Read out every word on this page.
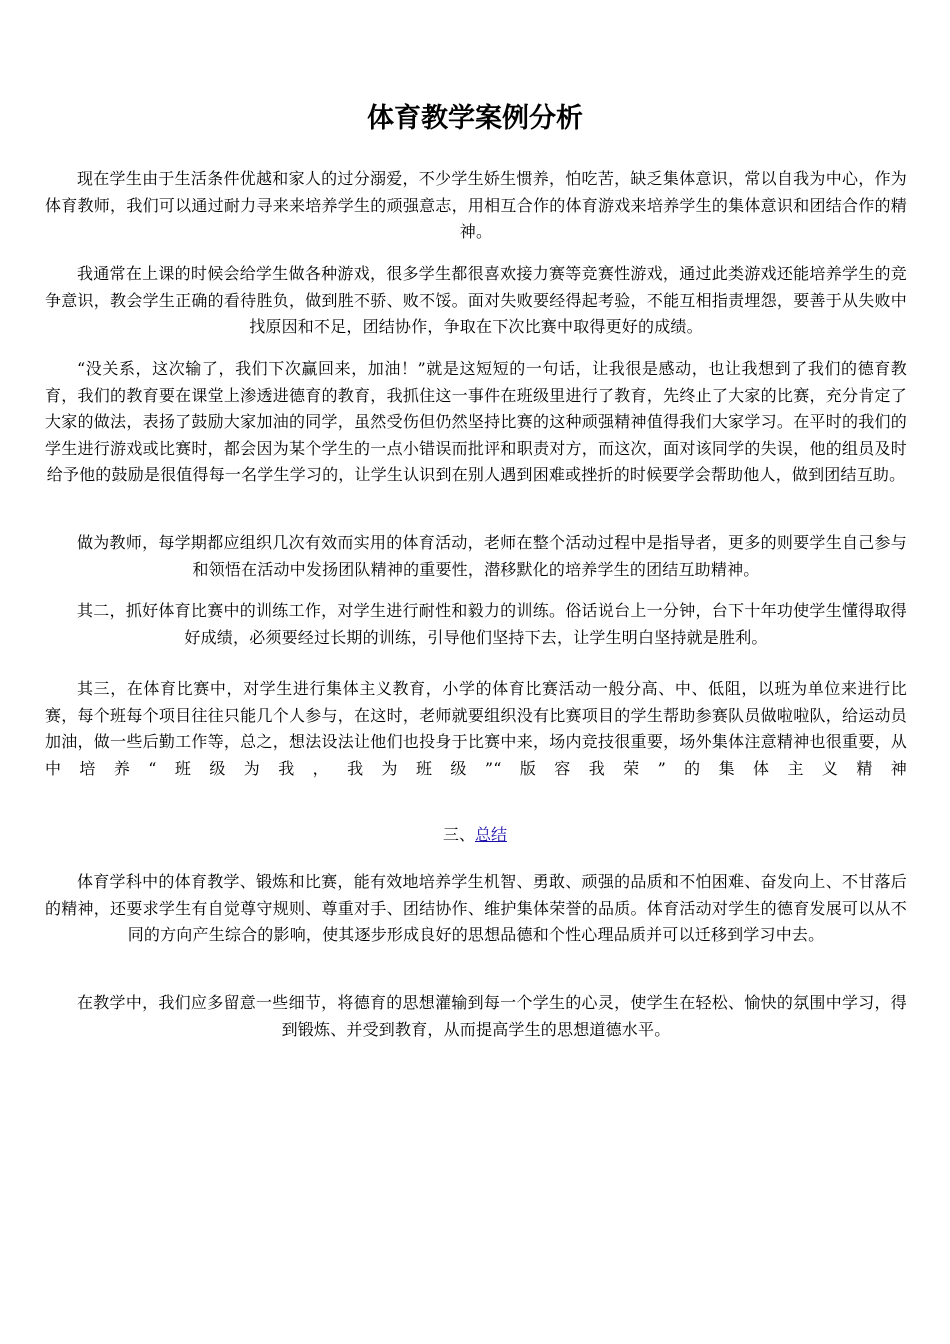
体育教学案例分析

现在学生由于生活条件优越和家人的过分溺爱，不少学生娇生惯养，怕吃苦，缺乏集体意识，常以自我为中心，作为体育教师，我们可以通过耐力寻来来培养学生的顽强意志，用相互合作的体育游戏来培养学生的集体意识和团结合作的精神。

我通常在上课的时候会给学生做各种游戏，很多学生都很喜欢接力赛等竞赛性游戏，通过此类游戏还能培养学生的竞争意识，教会学生正确的看待胜负，做到胜不骄、败不馁。面对失败要经得起考验，不能互相指责埋怨，要善于从失败中找原因和不足，团结协作，争取在下次比赛中取得更好的成绩。

“没关系，这次输了，我们下次赢回来，加油！”就是这短短的一句话，让我很是感动，也让我想到了我们的德育教育，我们的教育要在课堂上渗透进德育的教育，我抓住这一事件在班级里进行了教育，先终止了大家的比赛，充分肯定了大家的做法，表扬了鼓励大家加油的同学，虽然受伤但仍然坚持比赛的这种顽强精神值得我们大家学习。在平时的我们的学生进行游戏或比赛时，都会因为某个学生的一点小错误而批评和职责对方，而这次，面对该同学的失误，他的组员及时给予他的鼓励是很值得每一名学生学习的，让学生认识到在别人遇到困难或挫折的时候要学会帮助他人，做到团结互助。

做为教师，每学期都应组织几次有效而实用的体育活动，老师在整个活动过程中是指导者，更多的则要学生自己参与和领悟在活动中发扬团队精神的重要性，潜移默化的培养学生的团结互助精神。

其二，抓好体育比赛中的训练工作，对学生进行耐性和毅力的训练。俗话说台上一分钟，台下十年功使学生懂得取得好成绩，必须要经过长期的训练，引导他们坚持下去，让学生明白坚持就是胜利。

其三，在体育比赛中，对学生进行集体主义教育，小学的体育比赛活动一般分高、中、低阻，以班为单位来进行比赛，每个班每个项目往往只能几个人参与，在这时，老师就要组织没有比赛项目的学生帮助参赛队员做啦啦队，给运动员加油，做一些后勤工作等，总之，想法设法让他们也投身于比赛中来，场内竞技很重要，场外集体注意精神也很重要，从中培养“班级为我，我为班级”“版容我荣”的集体主义精神

三、总结

体育学科中的体育教学、锻炼和比赛，能有效地培养学生机智、勇敢、顽强的品质和不怕困难、奋发向上、不甘落后的精神，还要求学生有自觉尊守规则、尊重对手、团结协作、维护集体荣誉的品质。体育活动对学生的德育发展可以从不同的方向产生综合的影响，使其逐步形成良好的思想品德和个性心理品质并可以迁移到学习中去。

在教学中，我们应多留意一些细节，将德育的思想灌输到每一个学生的心灵，使学生在轻松、愉快的氛围中学习，得到锻炼、并受到教育，从而提高学生的思想道德水平。
